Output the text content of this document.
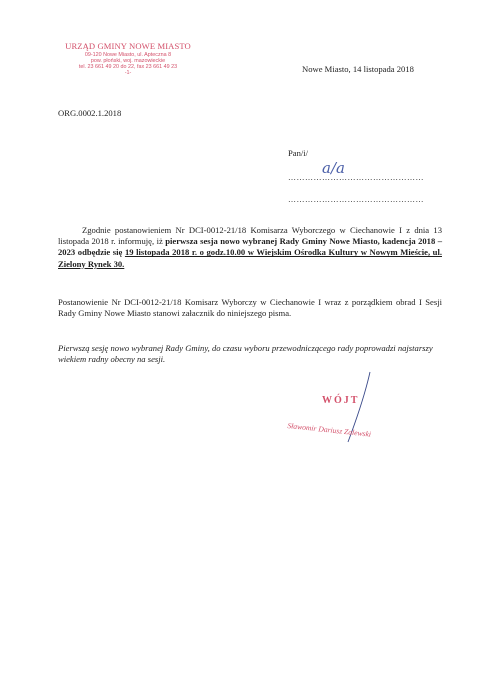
URZĄD GMINY NOWE MIASTO
09-120 Nowe Miasto, ul. Apteczna 8
pow. płoński, woj. mazowieckie
tel. 23 661 49 20 do 22, fax 23 661 49 23
-1-	Nowe Miasto, 14 listopada 2018
ORG.0002.1.2018
Pan/i/
a/a
…………………………………………
…………………………………………

Zgodnie postanowieniem Nr DCI-0012-21/18 Komisarza Wyborczego w Ciechanowie I z dnia 13 listopada 2018 r. informuję, iż pierwsza sesja nowo wybranej Rady Gminy Nowe Miasto, kadencja 2018 – 2023 odbędzie się 19 listopada 2018 r. o godz.10.00 w Wiejskim Ośrodka Kultury w Nowym Mieście, ul. Zielony Rynek 30.

Postanowienie Nr DCI-0012-21/18 Komisarz Wyborczy w Ciechanowie I wraz z porządkiem obrad I Sesji Rady Gminy Nowe Miasto stanowi załacznik do niniejszego pisma.

Pierwszą sesję nowo wybranej Rady Gminy, do czasu wyboru przewodniczącego rady poprowadzi najstarszy wiekiem radny obecny na sesji.

WÓJT
Sławomir Dariusz Zalewski
